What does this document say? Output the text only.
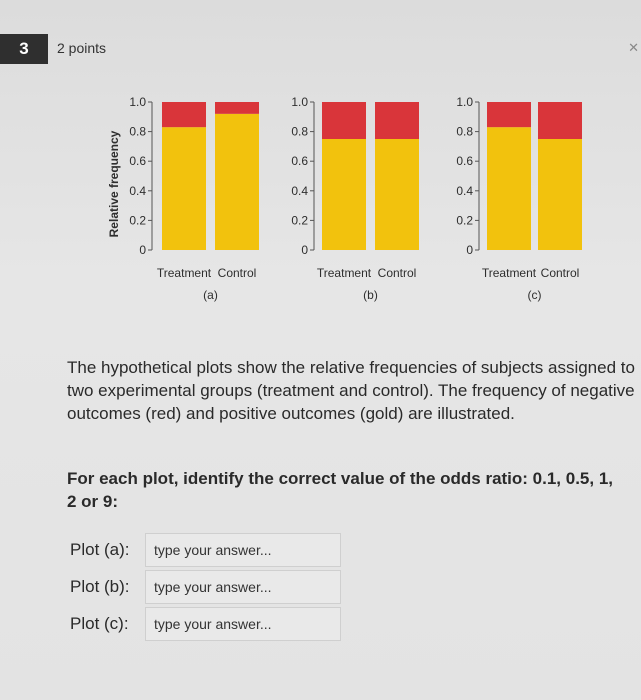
3	2 points	✕
0
0.2
0.4
0.6
0.8
1.0
Treatment Control
(a)
Relative frequency
0
0.2
0.4
0.6
0.8
1.0
Treatment Control
(b)
0
0.2
0.4
0.6
0.8
1.0
Treatment Control
(c)
The hypothetical plots show the relative frequencies of subjects assigned to two experimental groups (treatment and control). The frequency of negative outcomes (red) and positive outcomes (gold) are illustrated.
For each plot, identify the correct value of the odds ratio: 0.1, 0.5, 1, 2 or 9:
Plot (a):
type your answer...
Plot (b):
type your answer...
Plot (c):
type your answer...
